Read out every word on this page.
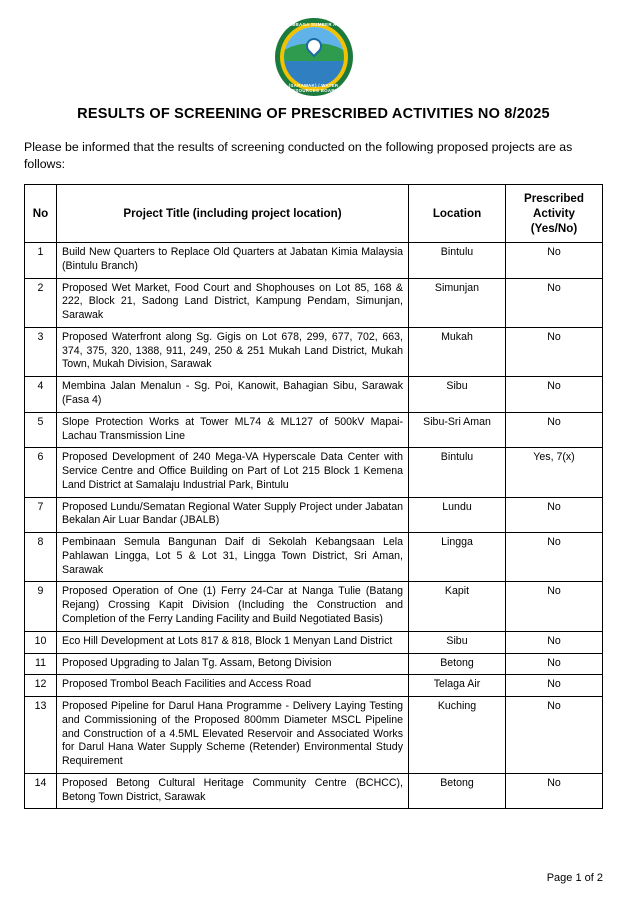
LEMBAGA SUMBER AIR
(SARAWAK) / WATER RESOURCES BOARD
RESULTS OF SCREENING OF PRESCRIBED ACTIVITIES NO 8/2025

Please be informed that the results of screening conducted on the following proposed projects are as follows:

No	Project Title (including project location)	Location	Prescribed Activity (Yes/No)
1	Build New Quarters to Replace Old Quarters at Jabatan Kimia Malaysia (Bintulu Branch)	Bintulu	No
2	Proposed Wet Market, Food Court and Shophouses on Lot 85, 168 & 222, Block 21, Sadong Land District, Kampung Pendam, Simunjan, Sarawak	Simunjan	No
3	Proposed Waterfront along Sg. Gigis on Lot 678, 299, 677, 702, 663, 374, 375, 320, 1388, 911, 249, 250 & 251 Mukah Land District, Mukah Town, Mukah Division, Sarawak	Mukah	No
4	Membina Jalan Menalun - Sg. Poi, Kanowit, Bahagian Sibu, Sarawak (Fasa 4)	Sibu	No
5	Slope Protection Works at Tower ML74 & ML127 of 500kV Mapai-Lachau Transmission Line	Sibu-Sri Aman	No
6	Proposed Development of 240 Mega-VA Hyperscale Data Center with Service Centre and Office Building on Part of Lot 215 Block 1 Kemena Land District at Samalaju Industrial Park, Bintulu	Bintulu	Yes, 7(x)
7	Proposed Lundu/Sematan Regional Water Supply Project under Jabatan Bekalan Air Luar Bandar (JBALB)	Lundu	No
8	Pembinaan Semula Bangunan Daif di Sekolah Kebangsaan Lela Pahlawan Lingga, Lot 5 & Lot 31, Lingga Town District, Sri Aman, Sarawak	Lingga	No
9	Proposed Operation of One (1) Ferry 24-Car at Nanga Tulie (Batang Rejang) Crossing Kapit Division (Including the Construction and Completion of the Ferry Landing Facility and Build Negotiated Basis)	Kapit	No
10	Eco Hill Development at Lots 817 & 818, Block 1 Menyan Land District	Sibu	No
11	Proposed Upgrading to Jalan Tg. Assam, Betong Division	Betong	No
12	Proposed Trombol Beach Facilities and Access Road	Telaga Air	No
13	Proposed Pipeline for Darul Hana Programme - Delivery Laying Testing and Commissioning of the Proposed 800mm Diameter MSCL Pipeline and Construction of a 4.5ML Elevated Reservoir and Associated Works for Darul Hana Water Supply Scheme (Retender) Environmental Study Requirement	Kuching	No
14	Proposed Betong Cultural Heritage Community Centre (BCHCC), Betong Town District, Sarawak	Betong	No
Page 1 of 2
